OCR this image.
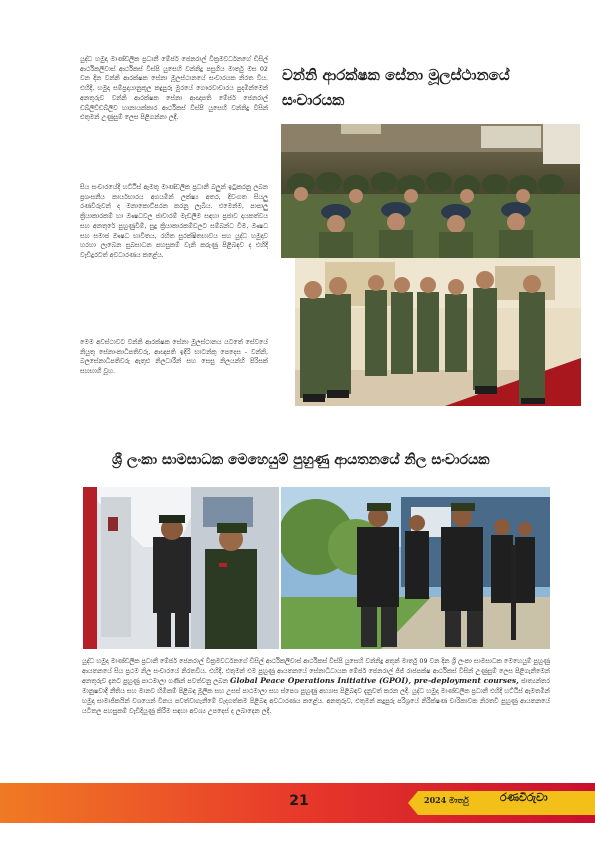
යුද්ධ හමුදා මාණ්ඩලික ප්‍රධානී මේජර් ජෙනරාල් වික්‍රමවර්ධනගේ ඩිසිල් ආර්ථිකලිවාස් ආර්ථිකස් විස්පි යුසෙහි වන්නිදු පසුගිය මාර්තු මස 02 වන දින වන්නි ආරක්ෂක සේනා මූලස්ථානයේ සංචාරයක නිරත විය. එහිදී, හමුදා සම්ප්‍රදායානුකූල කදුපුරු මුරයේ ගෞරවාචාරය පුදමින්මෙන් අනතුරුව වන්නි ආරක්ෂක සේනා ආඥාපති මේජර් ජෙනරාල් ඩබ්ලිව්ඩබ්ලිව හානායක්කාර ආර්ථිකස් විස්පි යුසෙහි වන්නිදු විසින් එතුමන් උණුසුම් ලෙස පිළිගන්නා ලදී.
සිය සංචාරයේදී හට්ඨිස් ඇමතූ මාණ්ඩලික ප්‍රධානී බලුන් ඉටුකරනු ලබන ප්‍රශංසනීය කාර්යභාරය අගයමින් ලක්ෂ්‍ය අතර, දිවංගත සියලු රණවිරුවන් ද මනාකොට්පරන කරනු ලැබිය. එමෙන්ම, පාපාලු ක්‍රියාකාරකම් හා ඖෂධවල ජාවාරම් මැඩලීම සඳහා ප්‍රජාව දායකත්වය සහ අනතුරේ පුහුණුවීම්, සුදු ක්‍රියාකාරකම්වලට සම්බන්ධ වීම, ඖෂධ සහ සමාජ ඖෂධ භාවිතය, රහිත සුරක්ෂිතභාවය සහ යුද්ධ හමුදාව හරහා ලැබෙන සුබසාධන පහසුකම් වැනි කරුණු පිළිබඳව ද එහිදී වැඩිදුරටත් අවධාරණය කළේය.
මෙම අවස්ථාවට වන්නි ආරක්ෂක සේනා මූලස්ථානය යටතේ සේවයේ නියුතු සේනාංකාධිපතිවරු, ආඥාපති ඉදිරි භාටන්කු පෙදෙස - වන්නි, බලසේනාධිපතිවරු ඇතුළු නිලධාරීන් සහ සෙසු නිලයන්හි පිරිසක් සහභාගී වූහ.
වන්නි ආරක්ෂක සේනා මූලස්ථානයේ
සංචාරයක
ශ්‍රී ලංකා සාමසාධක මෙහෙයුම් පුහුණු ආයතනයේ නිල සංචාරයක
යුද්ධ හමුදා මාණ්ඩලික ප්‍රධානී මේජර් ජෙනරාල් වික්‍රමවර්ධනගේ ඩිසිල් ආර්ථිකලිවාස් ආර්ථිකස් විස්පි යුසෙහි වන්නිදු අතුන් මාර්තු 09 වන දින ශ්‍රී ලංකා සාමසාධක මෙහෙයුම් පුහුණු ආයතනයේ සිය ප්‍රථම නිල සංචාරයේ නිරතවිය. එහිදී, එතුමන් එම පුහුණු ආයතනයේ සේනාධිධායක මේජර් ජෙනරාල් ජිජ් රාජපක්ෂ ආර්ථිකස් විසින් උණුසුම් ලෙස පිළිගැනීමෙන් අනතුරුව දැනට පුහුණු පාඨමාලා ගණින් පවත්වනු ලබන Global Peace Operations Initiative (GPOI), pre-deployment courses, ජාත්‍යන්තර මානුෂවාදී නීතිය සහ මානව හිමිකම් පිළිබඳ මූලික සහ උසස් පාඨමාලා සහ ස්පෙශ පුහුණු අභ්‍යාස පිළිබඳව දැනුවත් කරන ලදී. යුද්ධ හමුදා මාණ්ඩලික ප්‍රධානී එහිදී හට්ඨිස් ඇමතමින් හමුදා සාමාජිකයින් වශයෙන් විනය පවත්වාගැනීමේ වැදගත්කම පිළිබඳ අවධාරණය කළේය. අනතුරුව, එතුමන් කදුපුරු පරිශ්‍රයේ නිරීක්ෂණ චාරිකාවක නිරතවී පුහුණු ආයතනයේ යටිතල පහසුකම් වැඩිදියුණු කිරීම සඳහා අවශ්‍ය උපදෙස් ද ලබාදෙන ලදී.
21	2024 මාර්තු	රණවිරුවා
